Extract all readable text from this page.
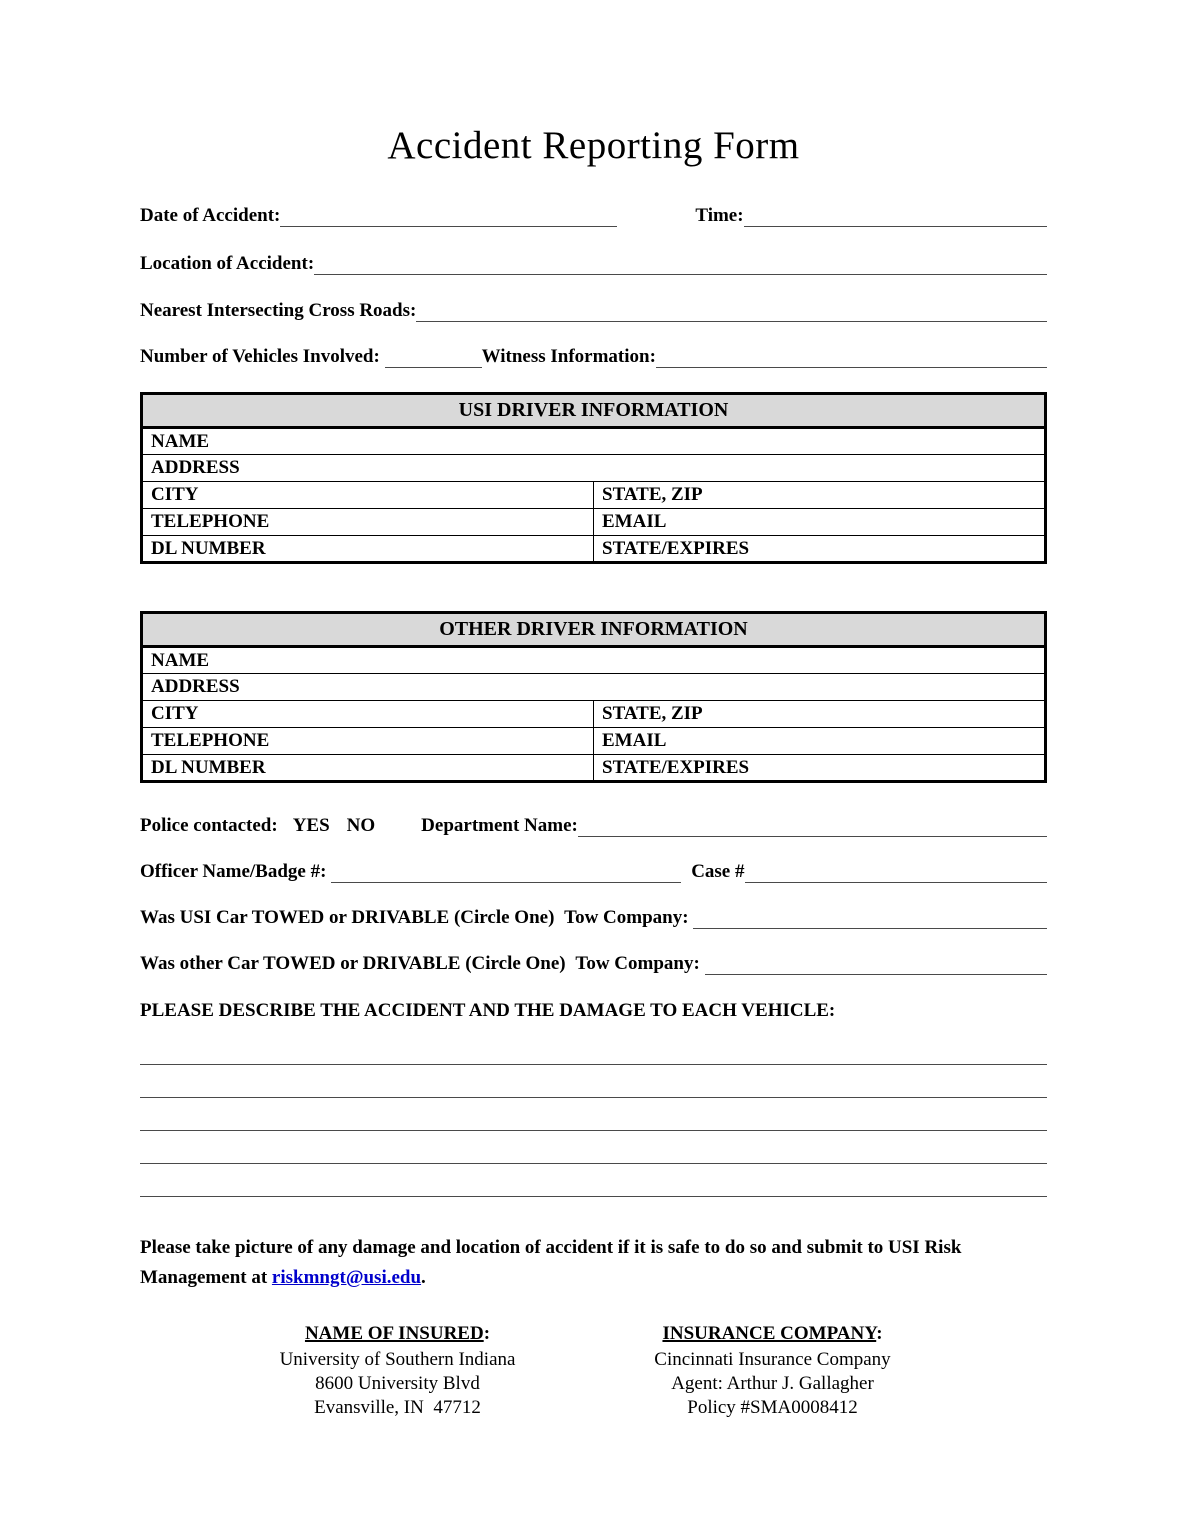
Accident Reporting Form
Date of Accident:	Time:
Location of Accident:
Nearest Intersecting Cross Roads:
Number of Vehicles Involved:	Witness Information:
USI DRIVER INFORMATION	
NAME	
ADDRESS	
CITY	STATE, ZIP
TELEPHONE	EMAIL
DL NUMBER	STATE/EXPIRES
OTHER DRIVER INFORMATION	
NAME	
ADDRESS	
CITY	STATE, ZIP
TELEPHONE	EMAIL
DL NUMBER	STATE/EXPIRES
Police contacted: YES NO Department Name:
Officer Name/Badge #:	Case #
Was USI Car TOWED or DRIVABLE (Circle One) Tow Company:
Was other Car TOWED or DRIVABLE (Circle One) Tow Company:
PLEASE DESCRIBE THE ACCIDENT AND THE DAMAGE TO EACH VEHICLE:

Please take picture of any damage and location of accident if it is safe to do so and submit to USI Risk Management at riskmngt@usi.edu.

NAME OF INSURED:
University of Southern Indiana
8600 University Blvd
Evansville, IN  47712
INSURANCE COMPANY:
Cincinnati Insurance Company
Agent: Arthur J. Gallagher
Policy #SMA0008412
